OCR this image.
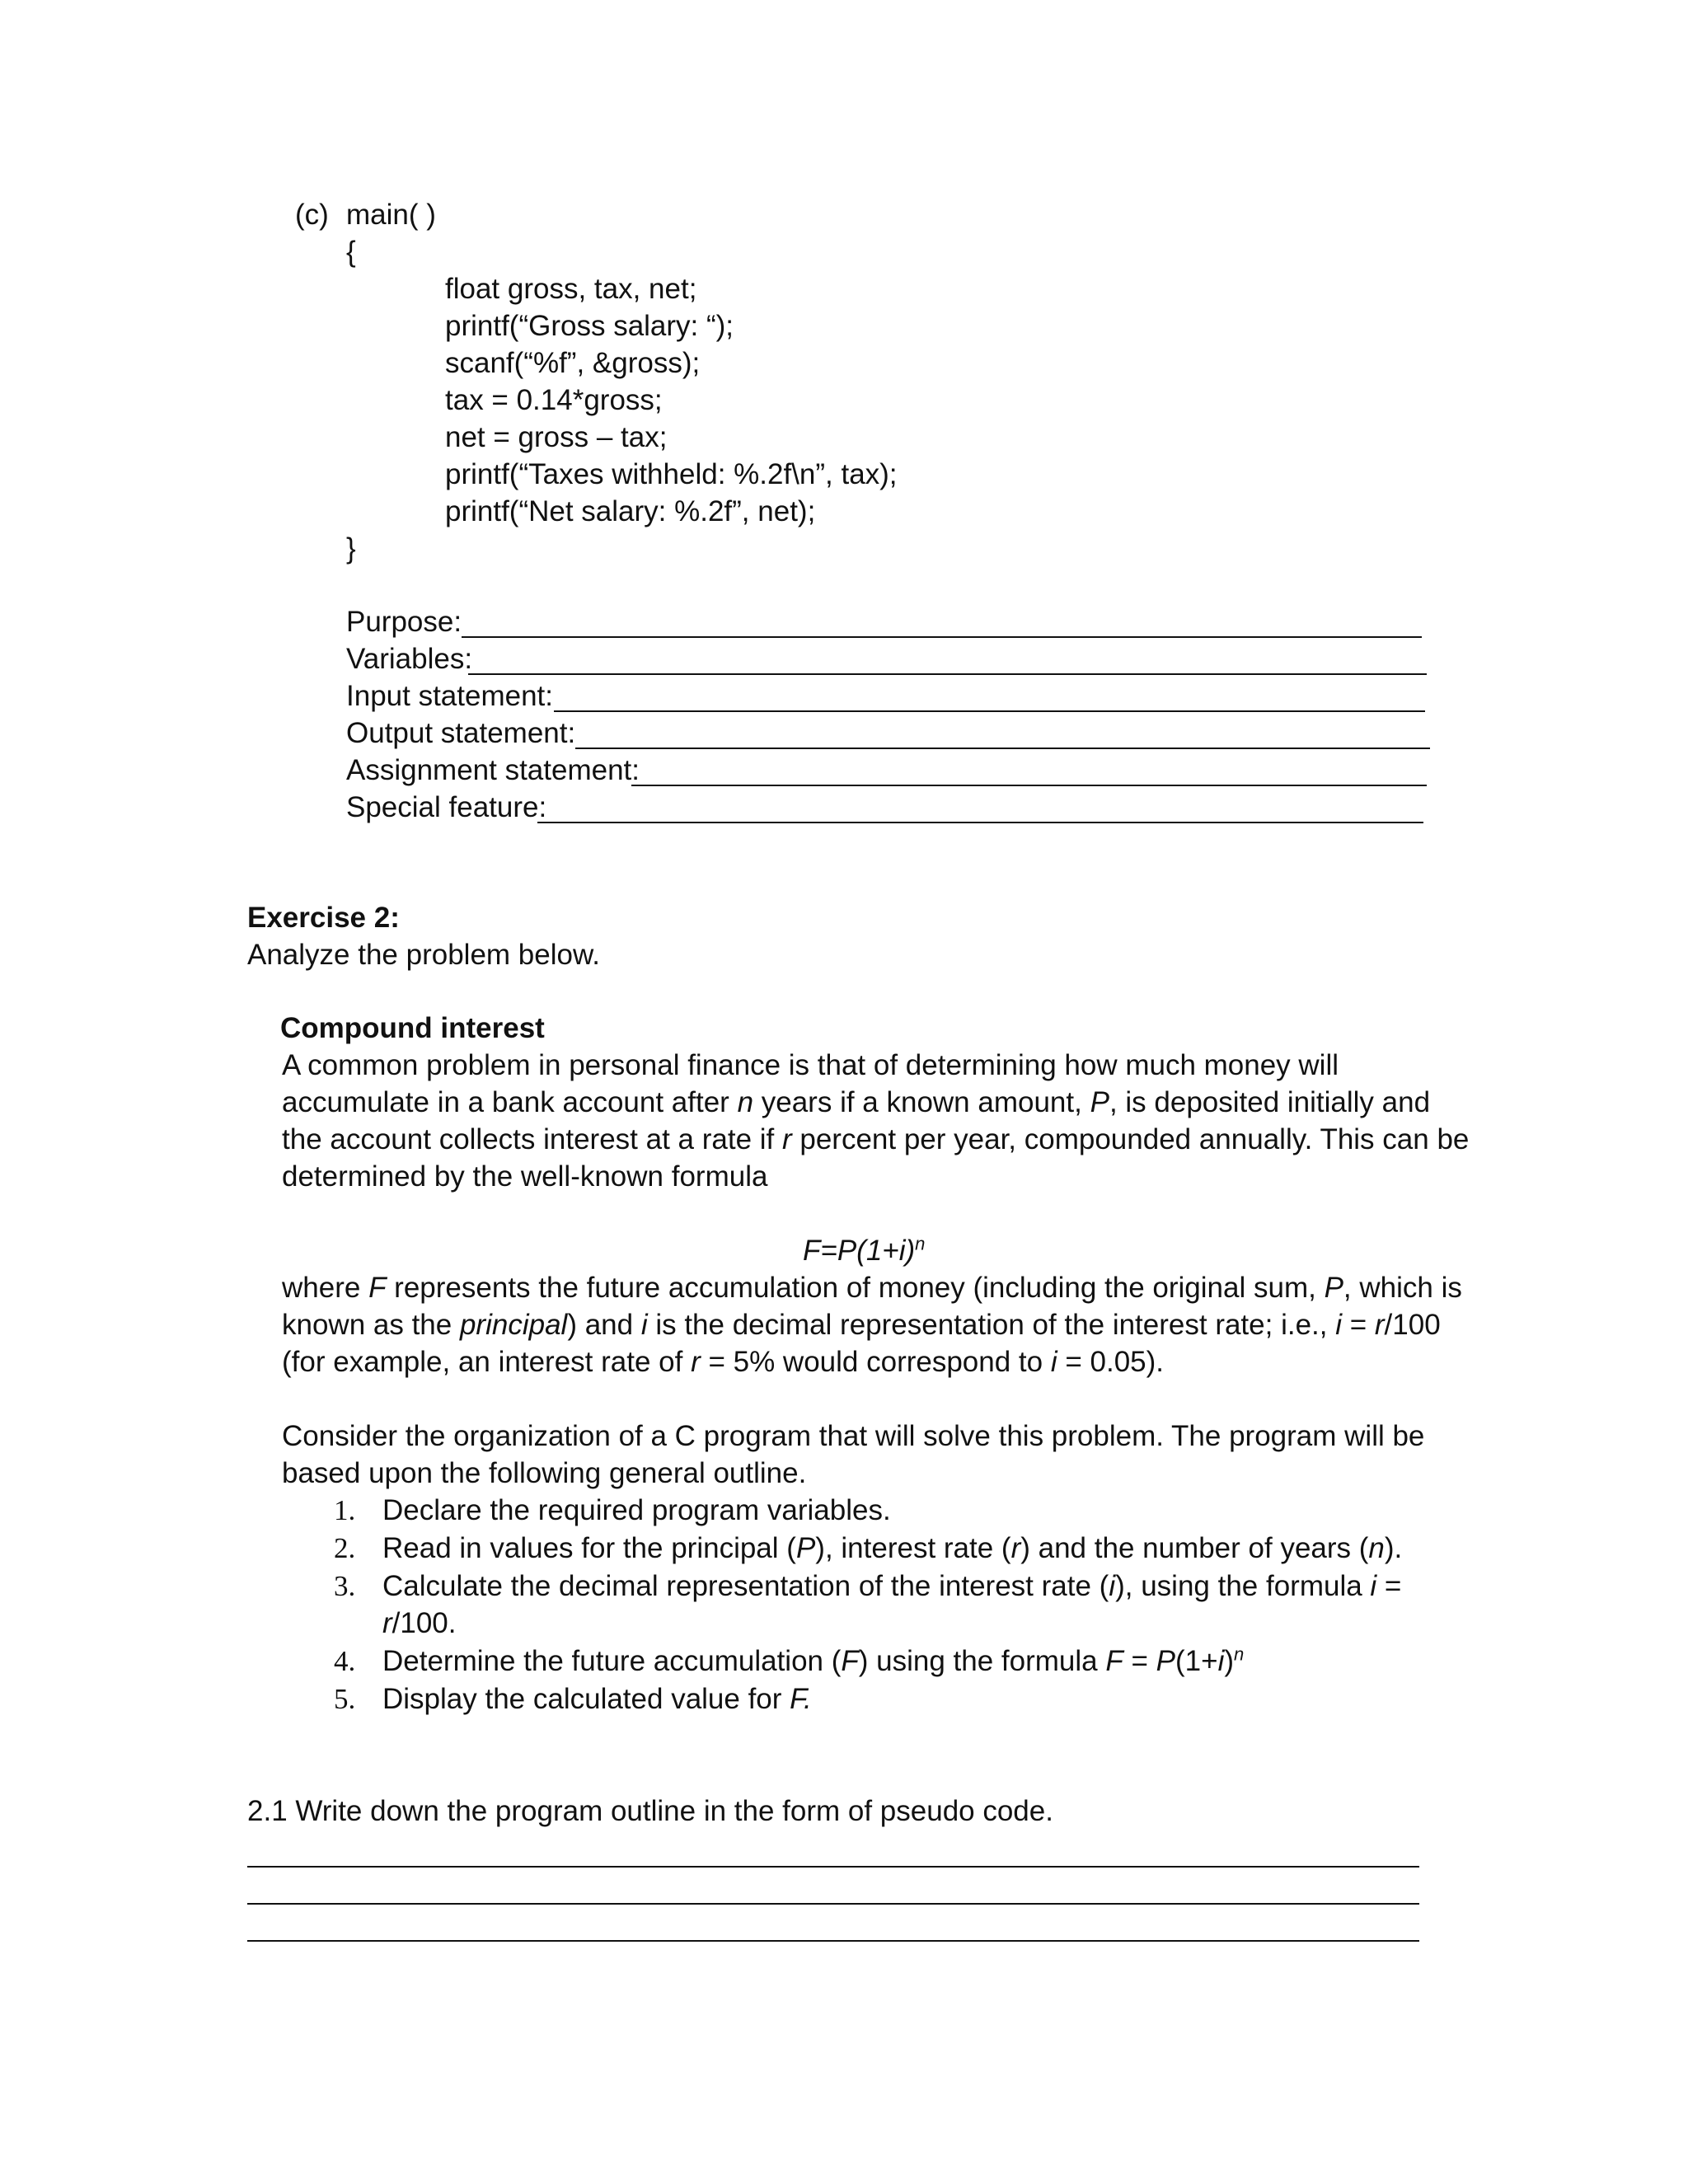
(c) main( )
{
float gross, tax, net;
printf(“Gross salary: “);
scanf(“%f”, &gross);
tax = 0.14*gross;
net = gross – tax;
printf(“Taxes withheld: %.2f\n”, tax);
printf(“Net salary: %.2f”, net);
}
Purpose:
Variables:
Input statement:
Output statement:
Assignment statement:
Special feature:
Exercise 2:
Analyze the problem below.
Compound interest
A common problem in personal finance is that of determining how much money will
accumulate in a bank account after n years if a known amount, P, is deposited initially and
the account collects interest at a rate if r percent per year, compounded annually. This can be
determined by the well-known formula
$F=P(1+i)^n$
where F represents the future accumulation of money (including the original sum, P, which is
known as the principal) and i is the decimal representation of the interest rate; i.e., i = r/100
(for example, an interest rate of r = 5% would correspond to i = 0.05).
Consider the organization of a C program that will solve this problem. The program will be
based upon the following general outline.
1. Declare the required program variables.
2. Read in values for the principal (P), interest rate (r) and the number of years (n).
3. Calculate the decimal representation of the interest rate (i), using the formula i =
r/100.
4. Determine the future accumulation (F) using the formula $F = P(1+i)^n$
5. Display the calculated value for F.
2.1 Write down the program outline in the form of pseudo code.
